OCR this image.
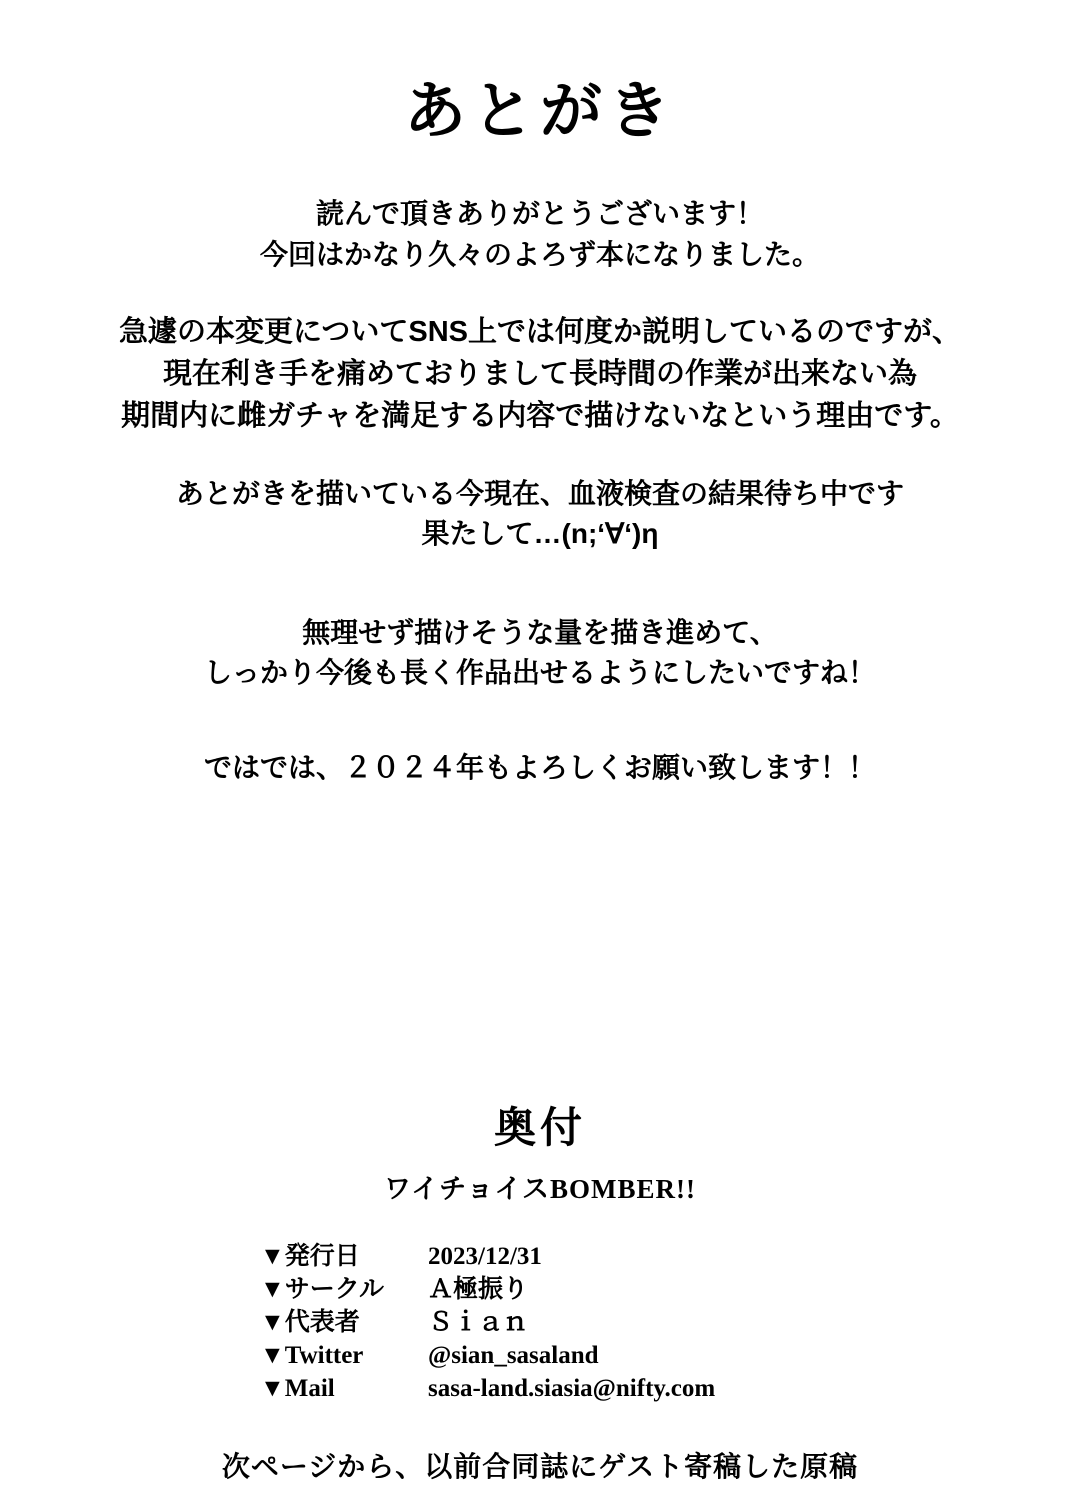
あとがき
読んで頂きありがとうございます！
今回はかなり久々のよろず本になりました。
急遽の本変更についてSNS上では何度か説明しているのですが、
現在利き手を痛めておりまして長時間の作業が出来ない為
期間内に雌ガチャを満足する内容で描けないなという理由です。
あとがきを描いている今現在、血液検査の結果待ち中です
果たして…(n;‘∀‘)η
無理せず描けそうな量を描き進めて、
しっかり今後も長く作品出せるようにしたいですね！
ではでは、２０２４年もよろしくお願い致します！！
奥付
ワイチョイスBOMBER!!
▼発行日	2023/12/31
▼サークル	Ａ極振り
▼代表者	Ｓｉａｎ
▼Twitter	@sian_sasaland
▼Mail	sasa-land.siasia@nifty.com
次ページから、以前合同誌にゲスト寄稿した原稿
